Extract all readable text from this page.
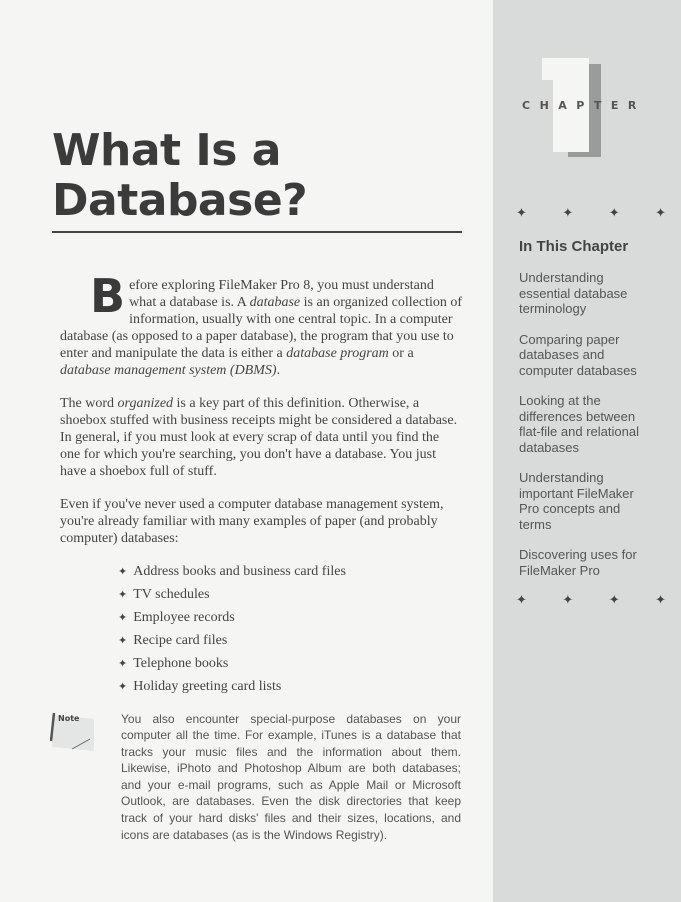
CHAPTER
✦	✦	✦	✦
In This Chapter
Understanding essential database terminology
Comparing paper databases and computer databases
Looking at the differences between flat-file and relational databases
Understanding important FileMaker Pro concepts and terms
Discovering uses for FileMaker Pro
✦	✦	✦	✦
What Is a Database?

Before exploring FileMaker Pro 8, you must understand what a database is. A database is an organized collection of information, usually with one central topic. In a computer database (as opposed to a paper database), the program that you use to enter and manipulate the data is either a database program or a database management system (DBMS).

The word organized is a key part of this definition. Otherwise, a shoebox stuffed with business receipts might be considered a database. In general, if you must look at every scrap of data until you find the one for which you're searching, you don't have a database. You just have a shoebox full of stuff.

Even if you've never used a computer database management system, you're already familiar with many examples of paper (and probably computer) databases:

✦ Address books and business card files
✦ TV schedules
✦ Employee records
✦ Recipe card files
✦ Telephone books
✦ Holiday greeting card lists
Note	You also encounter special-purpose databases on your computer all the time. For example, iTunes is a database that tracks your music files and the information about them. Likewise, iPhoto and Photoshop Album are both databases; and your e-mail programs, such as Apple Mail or Microsoft Outlook, are databases. Even the disk directories that keep track of your hard disks' files and their sizes, locations, and icons are databases (as is the Windows Registry).
